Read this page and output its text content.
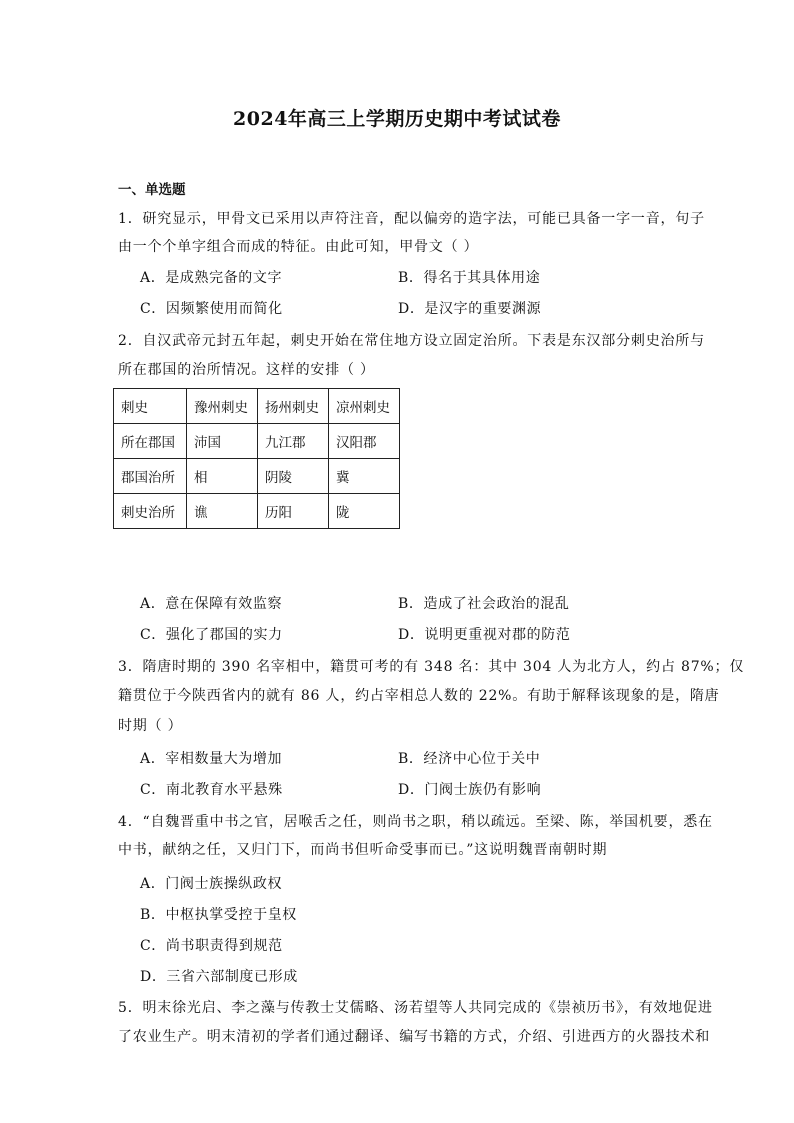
2024年高三上学期历史期中考试试卷
一、单选题
1．研究显示，甲骨文已采用以声符注音，配以偏旁的造字法，可能已具备一字一音，句子
由一个个单字组合而成的特征。由此可知，甲骨文（ ）
A．是成熟完备的文字	B．得名于其具体用途
C．因频繁使用而简化	D．是汉字的重要渊源
2．自汉武帝元封五年起，刺史开始在常住地方设立固定治所。下表是东汉部分刺史治所与
所在郡国的治所情况。这样的安排（ ）
刺史	豫州刺史	扬州刺史	凉州刺史
所在郡国	沛国	九江郡	汉阳郡
郡国治所	相	阴陵	冀
刺史治所	谯	历阳	陇
A．意在保障有效监察	B．造成了社会政治的混乱
C．强化了郡国的实力	D．说明更重视对郡的防范
3．隋唐时期的 390 名宰相中，籍贯可考的有 348 名：其中 304 人为北方人，约占 87%；仅
籍贯位于今陕西省内的就有 86 人，约占宰相总人数的 22%。有助于解释该现象的是，隋唐
时期（ ）
A．宰相数量大为增加	B．经济中心位于关中
C．南北教育水平悬殊	D．门阀士族仍有影响
4．“自魏晋重中书之官，居喉舌之任，则尚书之职，稍以疏远。至梁、陈，举国机要，悉在
中书，献纳之任，又归门下，而尚书但听命受事而已。”这说明魏晋南朝时期
A．门阀士族操纵政权
B．中枢执掌受控于皇权
C．尚书职责得到规范
D．三省六部制度已形成
5．明末徐光启、李之藻与传教士艾儒略、汤若望等人共同完成的《崇祯历书》，有效地促进
了农业生产。明末清初的学者们通过翻译、编写书籍的方式，介绍、引进西方的火器技术和
